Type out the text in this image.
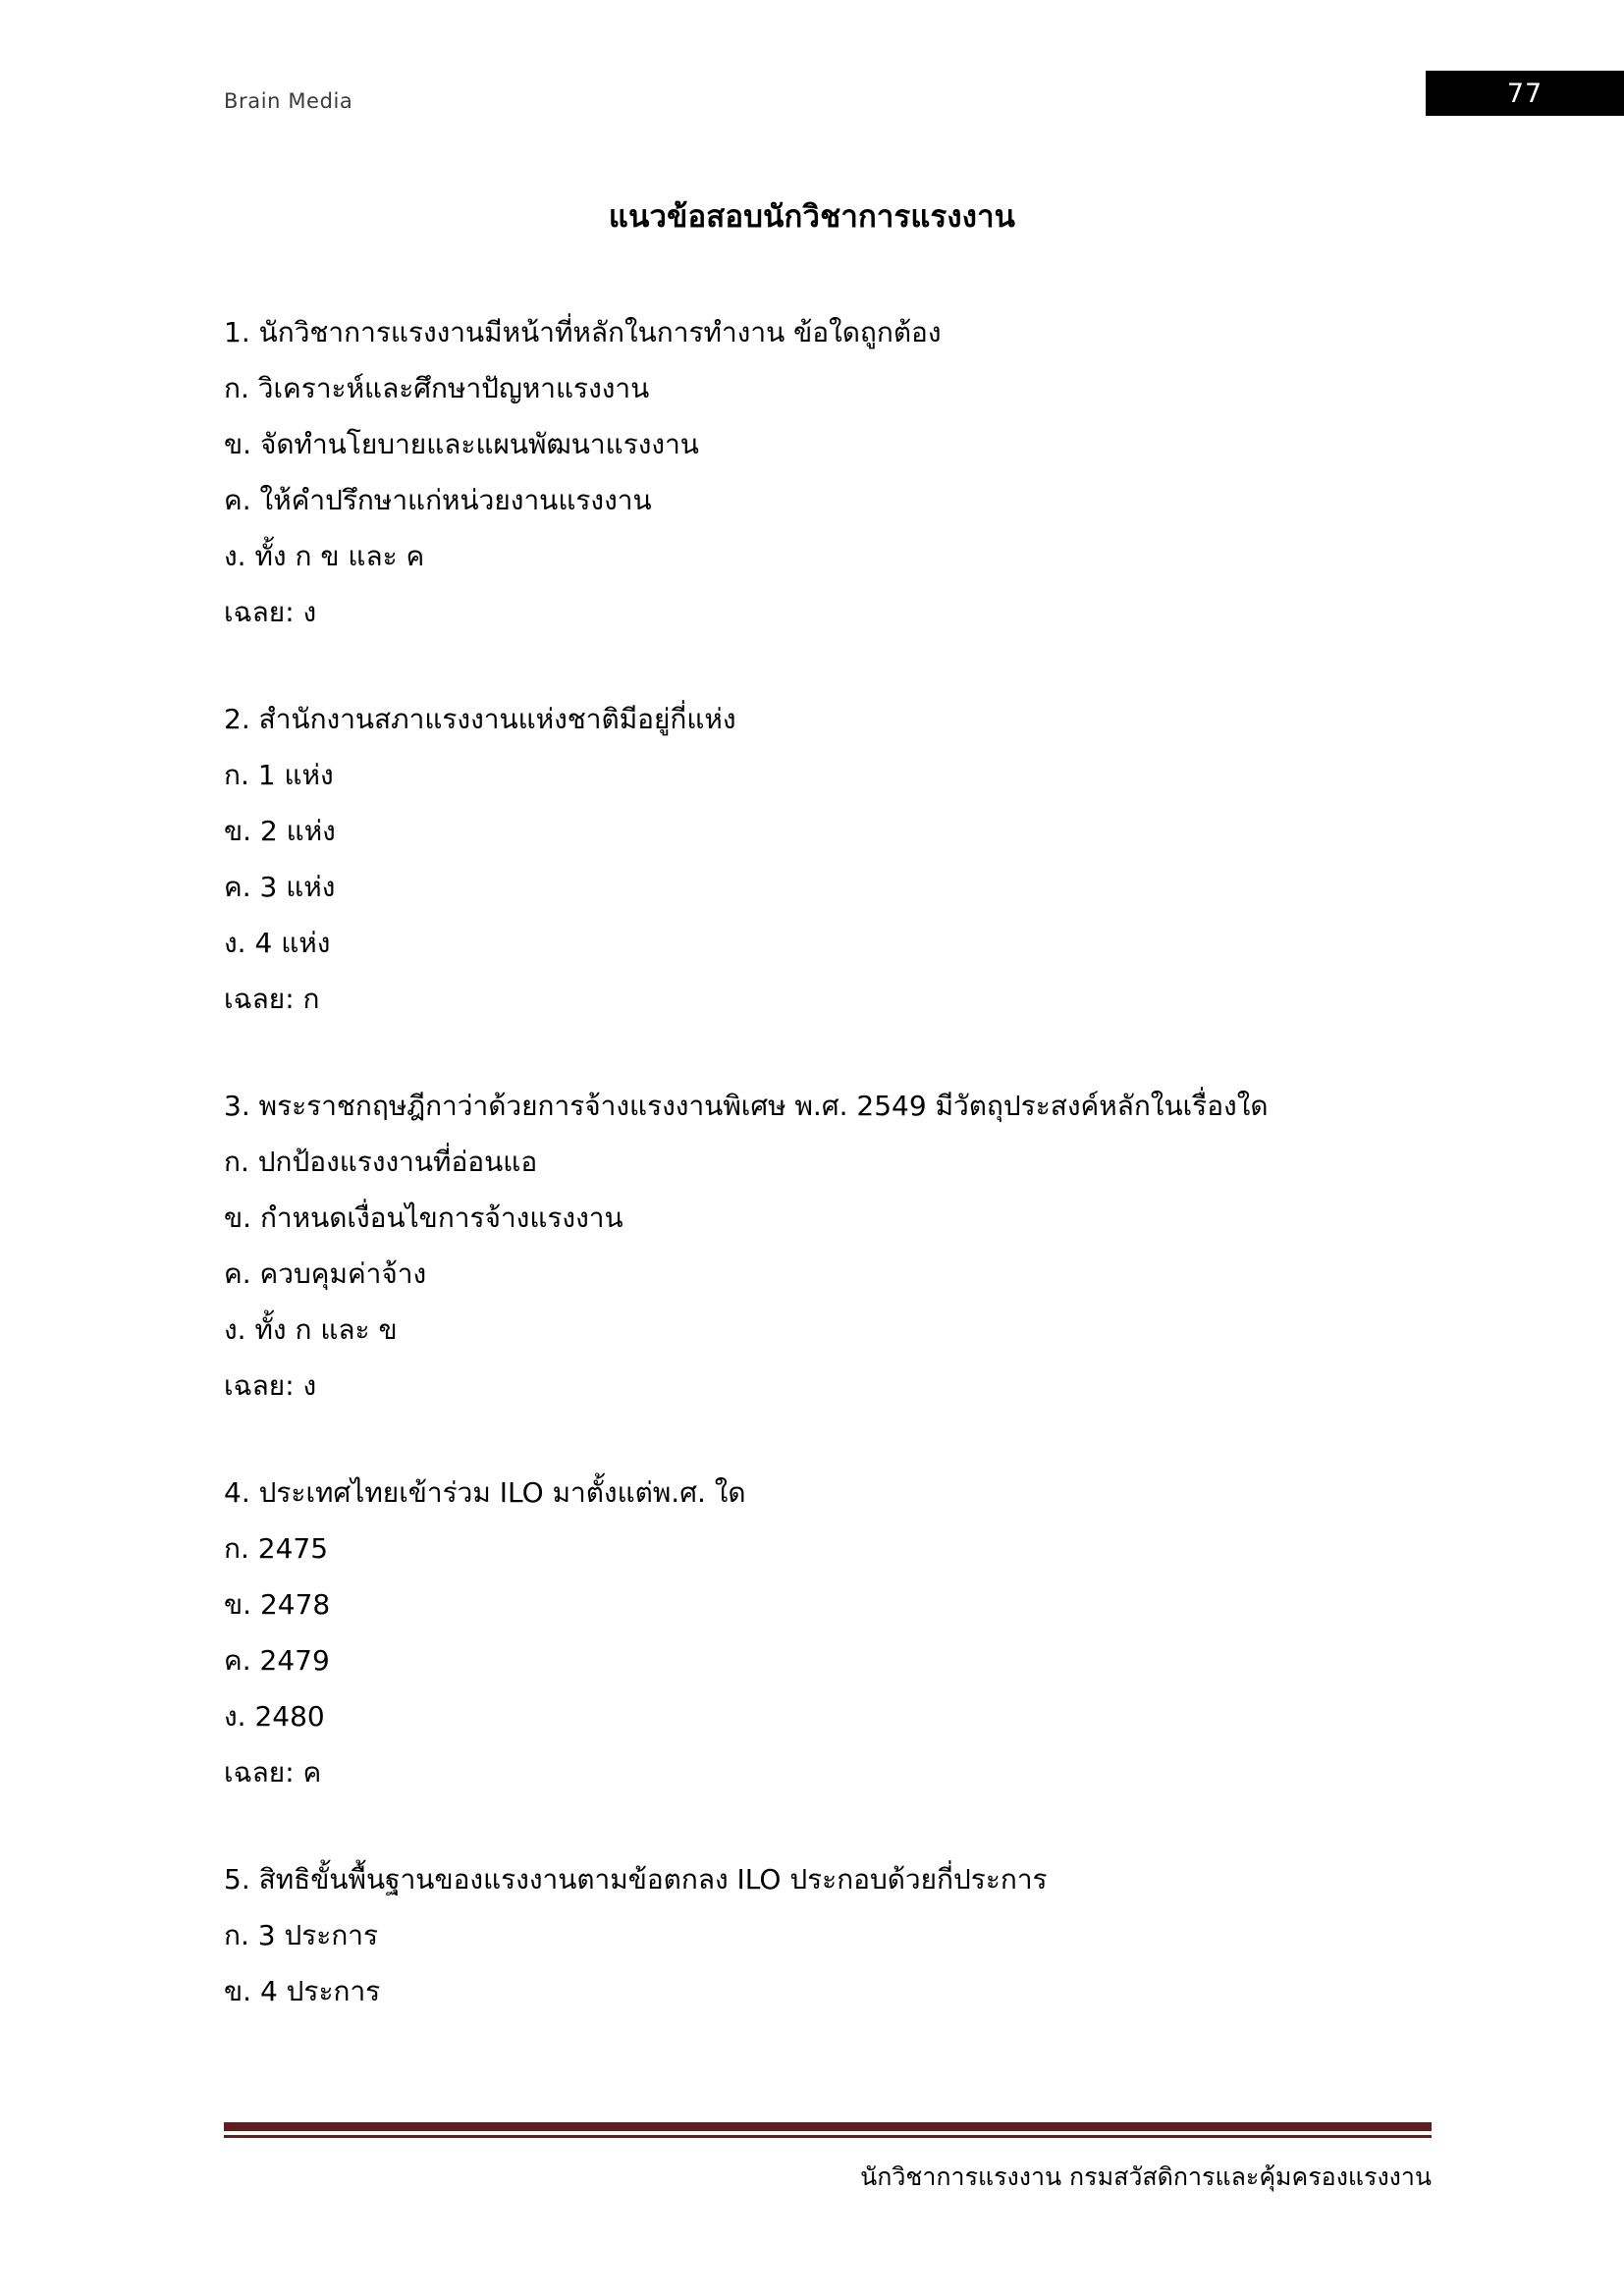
Brain Media	77
แนวข้อสอบนักวิชาการแรงงาน
1. นักวิชาการแรงงานมีหน้าที่หลักในการทำงาน ข้อใดถูกต้อง
ก. วิเคราะห์และศึกษาปัญหาแรงงาน
ข. จัดทำนโยบายและแผนพัฒนาแรงงาน
ค. ให้คำปรึกษาแก่หน่วยงานแรงงาน
ง. ทั้ง ก ข และ ค
เฉลย: ง
2. สำนักงานสภาแรงงานแห่งชาติมีอยู่กี่แห่ง
ก. 1 แห่ง
ข. 2 แห่ง
ค. 3 แห่ง
ง. 4 แห่ง
เฉลย: ก
3. พระราชกฤษฎีกาว่าด้วยการจ้างแรงงานพิเศษ พ.ศ. 2549 มีวัตถุประสงค์หลักในเรื่องใด
ก. ปกป้องแรงงานที่อ่อนแอ
ข. กำหนดเงื่อนไขการจ้างแรงงาน
ค. ควบคุมค่าจ้าง
ง. ทั้ง ก และ ข
เฉลย: ง
4. ประเทศไทยเข้าร่วม ILO มาตั้งแต่พ.ศ. ใด
ก. 2475
ข. 2478
ค. 2479
ง. 2480
เฉลย: ค
5. สิทธิขั้นพื้นฐานของแรงงานตามข้อตกลง ILO ประกอบด้วยกี่ประการ
ก. 3 ประการ
ข. 4 ประการ
นักวิชาการแรงงาน กรมสวัสดิการและคุ้มครองแรงงาน
